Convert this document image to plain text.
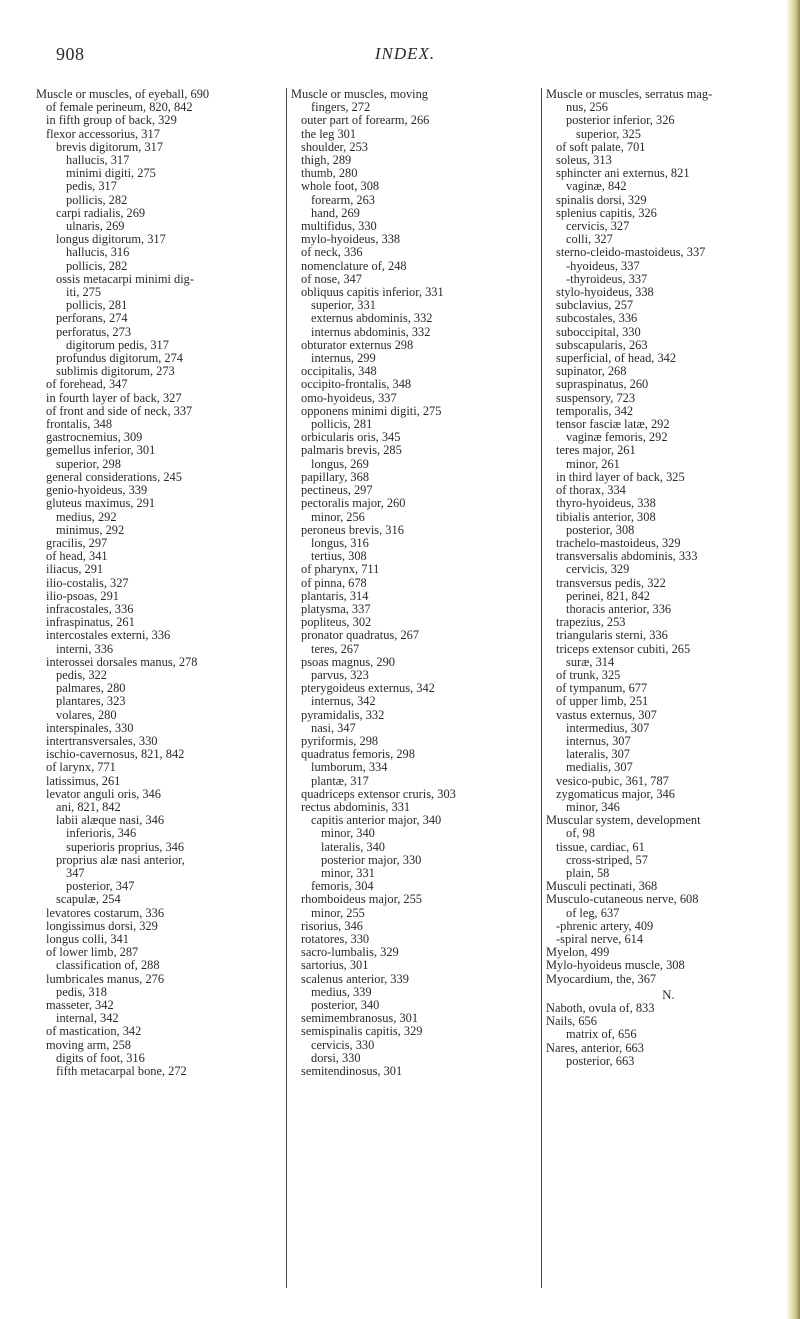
908	INDEX.
Muscle or muscles, of eyeball, 690
of female perineum, 820, 842
in fifth group of back, 329
flexor accessorius, 317
brevis digitorum, 317
hallucis, 317
minimi digiti, 275
pedis, 317
pollicis, 282
carpi radialis, 269
ulnaris, 269
longus digitorum, 317
hallucis, 316
pollicis, 282
ossis metacarpi minimi dig-
iti, 275
pollicis, 281
perforans, 274
perforatus, 273
digitorum pedis, 317
profundus digitorum, 274
sublimis digitorum, 273
of forehead, 347
in fourth layer of back, 327
of front and side of neck, 337
frontalis, 348
gastrocnemius, 309
gemellus inferior, 301
superior, 298
general considerations, 245
genio-hyoideus, 339
gluteus maximus, 291
medius, 292
minimus, 292
gracilis, 297
of head, 341
iliacus, 291
ilio-costalis, 327
ilio-psoas, 291
infracostales, 336
infraspinatus, 261
intercostales externi, 336
interni, 336
interossei dorsales manus, 278
pedis, 322
palmares, 280
plantares, 323
volares, 280
interspinales, 330
intertransversales, 330
ischio-cavernosus, 821, 842
of larynx, 771
latissimus, 261
levator anguli oris, 346
ani, 821, 842
labii alæque nasi, 346
inferioris, 346
superioris proprius, 346
proprius alæ nasi anterior,
347
posterior, 347
scapulæ, 254
levatores costarum, 336
longissimus dorsi, 329
longus colli, 341
of lower limb, 287
classification of, 288
lumbricales manus, 276
pedis, 318
masseter, 342
internal, 342
of mastication, 342
moving arm, 258
digits of foot, 316
fifth metacarpal bone, 272
Muscle or muscles, moving
fingers, 272
outer part of forearm, 266
the leg 301
shoulder, 253
thigh, 289
thumb, 280
whole foot, 308
forearm, 263
hand, 269
multifidus, 330
mylo-hyoideus, 338
of neck, 336
nomenclature of, 248
of nose, 347
obliquus capitis inferior, 331
superior, 331
externus abdominis, 332
internus abdominis, 332
obturator externus 298
internus, 299
occipitalis, 348
occipito-frontalis, 348
omo-hyoideus, 337
opponens minimi digiti, 275
pollicis, 281
orbicularis oris, 345
palmaris brevis, 285
longus, 269
papillary, 368
pectineus, 297
pectoralis major, 260
minor, 256
peroneus brevis, 316
longus, 316
tertius, 308
of pharynx, 711
of pinna, 678
plantaris, 314
platysma, 337
popliteus, 302
pronator quadratus, 267
teres, 267
psoas magnus, 290
parvus, 323
pterygoideus externus, 342
internus, 342
pyramidalis, 332
nasi, 347
pyriformis, 298
quadratus femoris, 298
lumborum, 334
plantæ, 317
quadriceps extensor cruris, 303
rectus abdominis, 331
capitis anterior major, 340
minor, 340
lateralis, 340
posterior major, 330
minor, 331
femoris, 304
rhomboideus major, 255
minor, 255
risorius, 346
rotatores, 330
sacro-lumbalis, 329
sartorius, 301
scalenus anterior, 339
medius, 339
posterior, 340
semimembranosus, 301
semispinalis capitis, 329
cervicis, 330
dorsi, 330
semitendinosus, 301
Muscle or muscles, serratus mag-
nus, 256
posterior inferior, 326
superior, 325
of soft palate, 701
soleus, 313
sphincter ani externus, 821
vaginæ, 842
spinalis dorsi, 329
splenius capitis, 326
cervicis, 327
colli, 327
sterno-cleido-mastoideus, 337
-hyoideus, 337
-thyroideus, 337
stylo-hyoideus, 338
subclavius, 257
subcostales, 336
suboccipital, 330
subscapularis, 263
superficial, of head, 342
supinator, 268
supraspinatus, 260
suspensory, 723
temporalis, 342
tensor fasciæ latæ, 292
vaginæ femoris, 292
teres major, 261
minor, 261
in third layer of back, 325
of thorax, 334
thyro-hyoideus, 338
tibialis anterior, 308
posterior, 308
trachelo-mastoideus, 329
transversalis abdominis, 333
cervicis, 329
transversus pedis, 322
perinei, 821, 842
thoracis anterior, 336
trapezius, 253
triangularis sterni, 336
triceps extensor cubiti, 265
suræ, 314
of trunk, 325
of tympanum, 677
of upper limb, 251
vastus externus, 307
intermedius, 307
internus, 307
lateralis, 307
medialis, 307
vesico-pubic, 361, 787
zygomaticus major, 346
minor, 346
Muscular system, development
of, 98
tissue, cardiac, 61
cross-striped, 57
plain, 58
Musculi pectinati, 368
Musculo-cutaneous nerve, 608
of leg, 637
-phrenic artery, 409
-spiral nerve, 614
Myelon, 499
Mylo-hyoideus muscle, 308
Myocardium, the, 367
N.
Naboth, ovula of, 833
Nails, 656
matrix of, 656
Nares, anterior, 663
posterior, 663
